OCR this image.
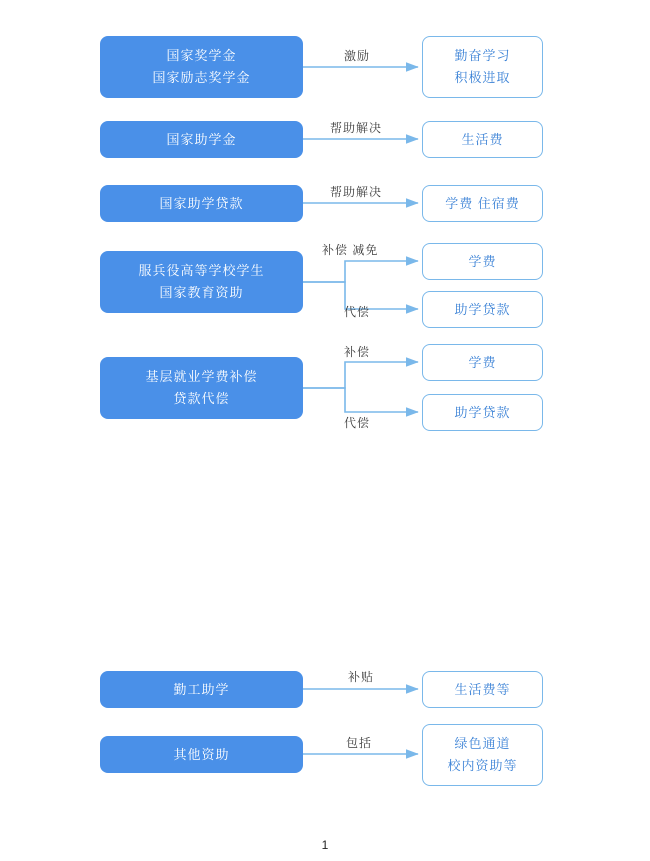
国家奖学金
国家励志奖学金
国家助学金
国家助学贷款
服兵役高等学校学生
国家教育资助
基层就业学费补偿
贷款代偿
勤工助学
其他资助
勤奋学习
积极进取
生活费
学费 住宿费
学费
助学贷款
学费
助学贷款
生活费等
绿色通道
校内资助等
激励
帮助解决
帮助解决
补偿 减免
代偿
补偿
代偿
补贴
包括
1
